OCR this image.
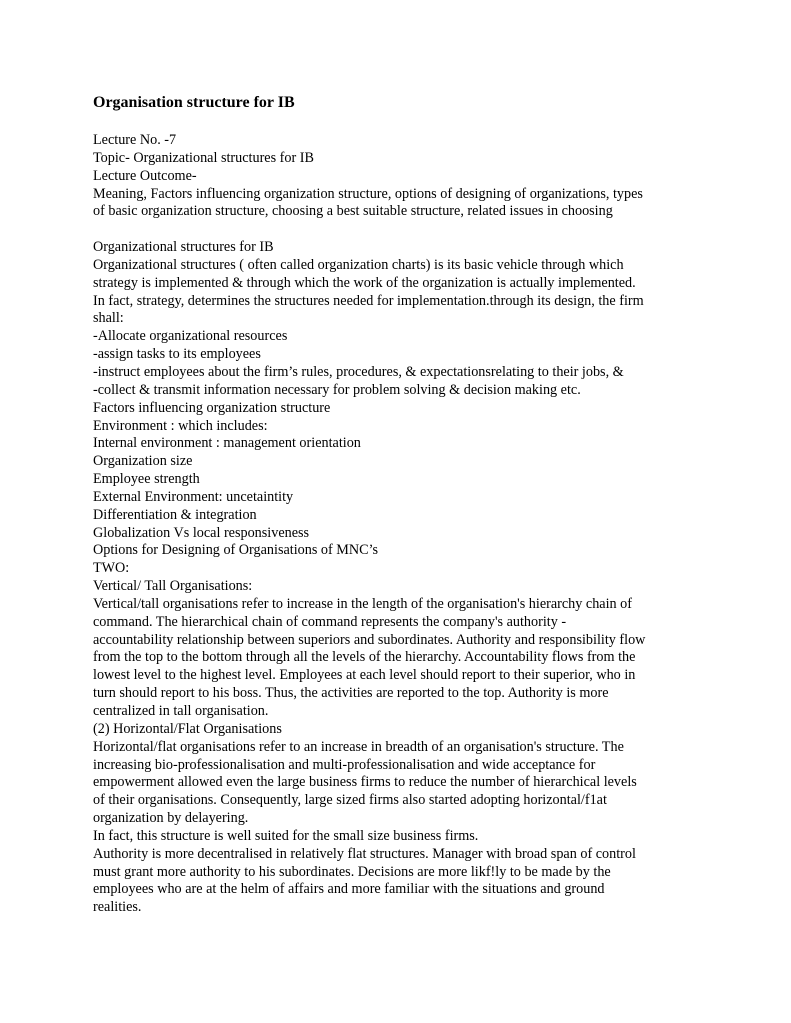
Organisation structure for IB
Lecture No. -7
Topic- Organizational structures for IB
Lecture Outcome-
Meaning, Factors influencing organization structure, options of designing of organizations, types
of basic organization structure, choosing a best suitable structure, related issues in choosing
Organizational structures for IB
Organizational structures ( often called organization charts) is its basic vehicle through which
strategy is implemented & through which the work of the organization is actually implemented.
In fact, strategy, determines the structures needed for implementation.through its design, the firm
shall:
-Allocate organizational resources
-assign tasks to its employees
-instruct employees about the firm’s rules, procedures, & expectationsrelating to their jobs, &
-collect & transmit information necessary for problem solving & decision making etc.
Factors influencing organization structure
Environment : which includes:
Internal environment : management orientation
Organization size
Employee strength
External Environment: uncetaintity
Differentiation & integration
Globalization Vs local responsiveness
Options for Designing of Organisations of MNC’s
TWO:
Vertical/ Tall Organisations:
Vertical/tall organisations refer to increase in the length of the organisation's hierarchy chain of
command. The hierarchical chain of command represents the company's authority -
accountability relationship between superiors and subordinates. Authority and responsibility flow
from the top to the bottom through all the levels of the hierarchy. Accountability flows from the
lowest level to the highest level. Employees at each level should report to their superior, who in
turn should report to his boss. Thus, the activities are reported to the top. Authority is more
centralized in tall organisation.
(2) Horizontal/Flat Organisations
Horizontal/flat organisations refer to an increase in breadth of an organisation's structure. The
increasing bio-professionalisation and multi-professionalisation and wide acceptance for
empowerment allowed even the large business firms to reduce the number of hierarchical levels
of their organisations. Consequently, large sized firms also started adopting horizontal/f1at
organization by delayering.
In fact, this structure is well suited for the small size business firms.
Authority is more decentralised in relatively flat structures. Manager with broad span of control
must grant more authority to his subordinates. Decisions are more likf!ly to be made by the
employees who are at the helm of affairs and more familiar with the situations and ground
realities.
